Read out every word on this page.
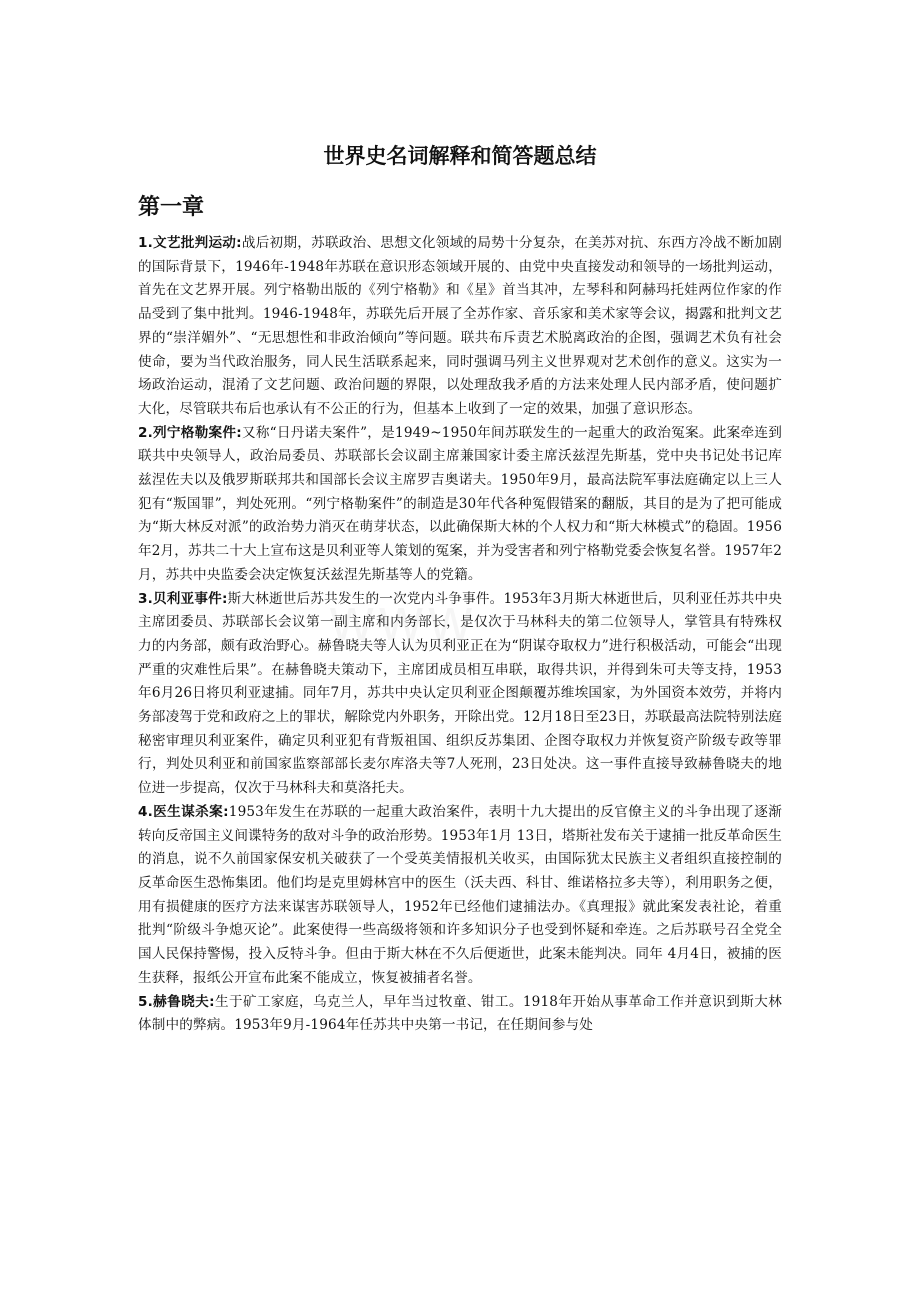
世界史名词解释和简答题总结
第一章

1.文艺批判运动:战后初期，苏联政治、思想文化领域的局势十分复杂，在美苏对抗、东西方冷战不断加剧的国际背景下，1946年-1948年苏联在意识形态领域开展的、由党中央直接发动和领导的一场批判运动，首先在文艺界开展。列宁格勒出版的《列宁格勒》和《星》首当其冲，左琴科和阿赫玛托娃两位作家的作品受到了集中批判。1946-1948年，苏联先后开展了全苏作家、音乐家和美术家等会议，揭露和批判文艺界的“崇洋媚外”、“无思想性和非政治倾向”等问题。联共布斥责艺术脱离政治的企图，强调艺术负有社会使命，要为当代政治服务，同人民生活联系起来，同时强调马列主义世界观对艺术创作的意义。这实为一场政治运动，混淆了文艺问题、政治问题的界限，以处理敌我矛盾的方法来处理人民内部矛盾，使问题扩大化，尽管联共布后也承认有不公正的行为，但基本上收到了一定的效果，加强了意识形态。

2.列宁格勒案件:又称“日丹诺夫案件”，是1949~1950年间苏联发生的一起重大的政治冤案。此案牵连到联共中央领导人，政治局委员、苏联部长会议副主席兼国家计委主席沃兹涅先斯基，党中央书记处书记库兹涅佐夫以及俄罗斯联邦共和国部长会议主席罗吉奥诺夫。1950年9月，最高法院军事法庭确定以上三人犯有“叛国罪”，判处死刑。“列宁格勒案件”的制造是30年代各种冤假错案的翻版，其目的是为了把可能成为“斯大林反对派”的政治势力消灭在萌芽状态，以此确保斯大林的个人权力和“斯大林模式”的稳固。1956年2月，苏共二十大上宣布这是贝利亚等人策划的冤案，并为受害者和列宁格勒党委会恢复名誉。1957年2月，苏共中央监委会决定恢复沃兹涅先斯基等人的党籍。

3.贝利亚事件:斯大林逝世后苏共发生的一次党内斗争事件。1953年3月斯大林逝世后，贝利亚任苏共中央主席团委员、苏联部长会议第一副主席和内务部长，是仅次于马林科夫的第二位领导人，掌管具有特殊权力的内务部，颇有政治野心。赫鲁晓夫等人认为贝利亚正在为“阴谋夺取权力”进行积极活动，可能会“出现严重的灾难性后果”。在赫鲁晓夫策动下，主席团成员相互串联，取得共识，并得到朱可夫等支持，1953年6月26日将贝利亚逮捕。同年7月，苏共中央认定贝利亚企图颠覆苏维埃国家，为外国资本效劳，并将内务部凌驾于党和政府之上的罪状，解除党内外职务，开除出党。12月18日至23日，苏联最高法院特别法庭秘密审理贝利亚案件，确定贝利亚犯有背叛祖国、组织反苏集团、企图夺取权力并恢复资产阶级专政等罪行，判处贝利亚和前国家监察部部长麦尔库洛夫等7人死刑，23日处决。这一事件直接导致赫鲁晓夫的地位进一步提高，仅次于马林科夫和莫洛托夫。

4.医生谋杀案:1953年发生在苏联的一起重大政治案件，表明十九大提出的反官僚主义的斗争出现了逐渐转向反帝国主义间谍特务的敌对斗争的政治形势。1953年1月 13日，塔斯社发布关于逮捕一批反革命医生的消息，说不久前国家保安机关破获了一个受英美情报机关收买，由国际犹太民族主义者组织直接控制的反革命医生恐怖集团。他们均是克里姆林宫中的医生（沃夫西、科甘、维诺格拉多夫等），利用职务之便，用有损健康的医疗方法来谋害苏联领导人，1952年已经他们逮捕法办。《真理报》就此案发表社论，着重批判“阶级斗争熄灭论”。此案使得一些高级将领和许多知识分子也受到怀疑和牵连。之后苏联号召全党全国人民保持警惕，投入反特斗争。但由于斯大林在不久后便逝世，此案未能判决。同年 4月4日，被捕的医生获释，报纸公开宣布此案不能成立，恢复被捕者名誉。

5.赫鲁晓夫:生于矿工家庭，乌克兰人，早年当过牧童、钳工。1918年开始从事革命工作并意识到斯大林体制中的弊病。1953年9月-1964年任苏共中央第一书记，在任期间参与处
